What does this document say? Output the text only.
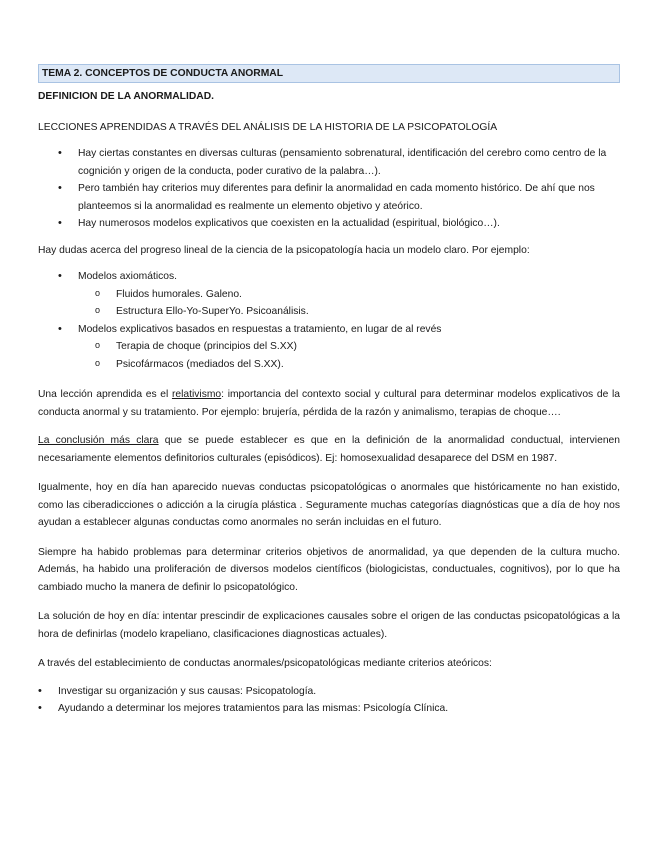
TEMA 2. CONCEPTOS DE CONDUCTA ANORMAL

DEFINICION DE LA ANORMALIDAD.

LECCIONES APRENDIDAS A TRAVÉS DEL ANÁLISIS DE LA HISTORIA DE LA PSICOPATOLOGÍA

• Hay ciertas constantes en diversas culturas (pensamiento sobrenatural, identificación del cerebro como centro de la cognición y origen de la conducta, poder curativo de la palabra…).
• Pero también hay criterios muy diferentes para definir la anormalidad en cada momento histórico. De ahí que nos planteemos si la anormalidad es realmente un elemento objetivo y ateórico.
• Hay numerosos modelos explicativos que coexisten en la actualidad (espiritual, biológico…).

Hay dudas acerca del progreso lineal de la ciencia de la psicopatología hacia un modelo claro. Por ejemplo:

• Modelos axiomáticos.
o Fluidos humorales. Galeno.
o Estructura Ello-Yo-SuperYo. Psicoanálisis.
• Modelos explicativos basados en respuestas a tratamiento, en lugar de al revés
o Terapia de choque (principios del S.XX)
o Psicofármacos (mediados del S.XX).

Una lección aprendida es el relativismo: importancia del contexto social y cultural para determinar modelos explicativos de la conducta anormal y su tratamiento. Por ejemplo: brujería, pérdida de la razón y animalismo, terapias de choque….

La conclusión más clara que se puede establecer es que en la definición de la anormalidad conductual, intervienen necesariamente elementos definitorios culturales (episódicos). Ej: homosexualidad desaparece del DSM en 1987.

Igualmente, hoy en día han aparecido nuevas conductas psicopatológicas o anormales que históricamente no han existido, como las ciberadicciones o adicción a la cirugía plástica . Seguramente muchas categorías diagnósticas que a día de hoy nos ayudan a establecer algunas conductas como anormales no serán incluidas en el futuro.

Siempre ha habido problemas para determinar criterios objetivos de anormalidad, ya que dependen de la cultura mucho. Además, ha habido una proliferación de diversos modelos científicos (biologicistas, conductuales, cognitivos), por lo que ha cambiado mucho la manera de definir lo psicopatológico.

La solución de hoy en día: intentar prescindir de explicaciones causales sobre el origen de las conductas psicopatológicas a la hora de definirlas (modelo krapeliano, clasificaciones diagnosticas actuales).

A través del establecimiento de conductas anormales/psicopatológicas mediante criterios ateóricos:

• Investigar su organización y sus causas: Psicopatología.
• Ayudando a determinar los mejores tratamientos para las mismas: Psicología Clínica.
